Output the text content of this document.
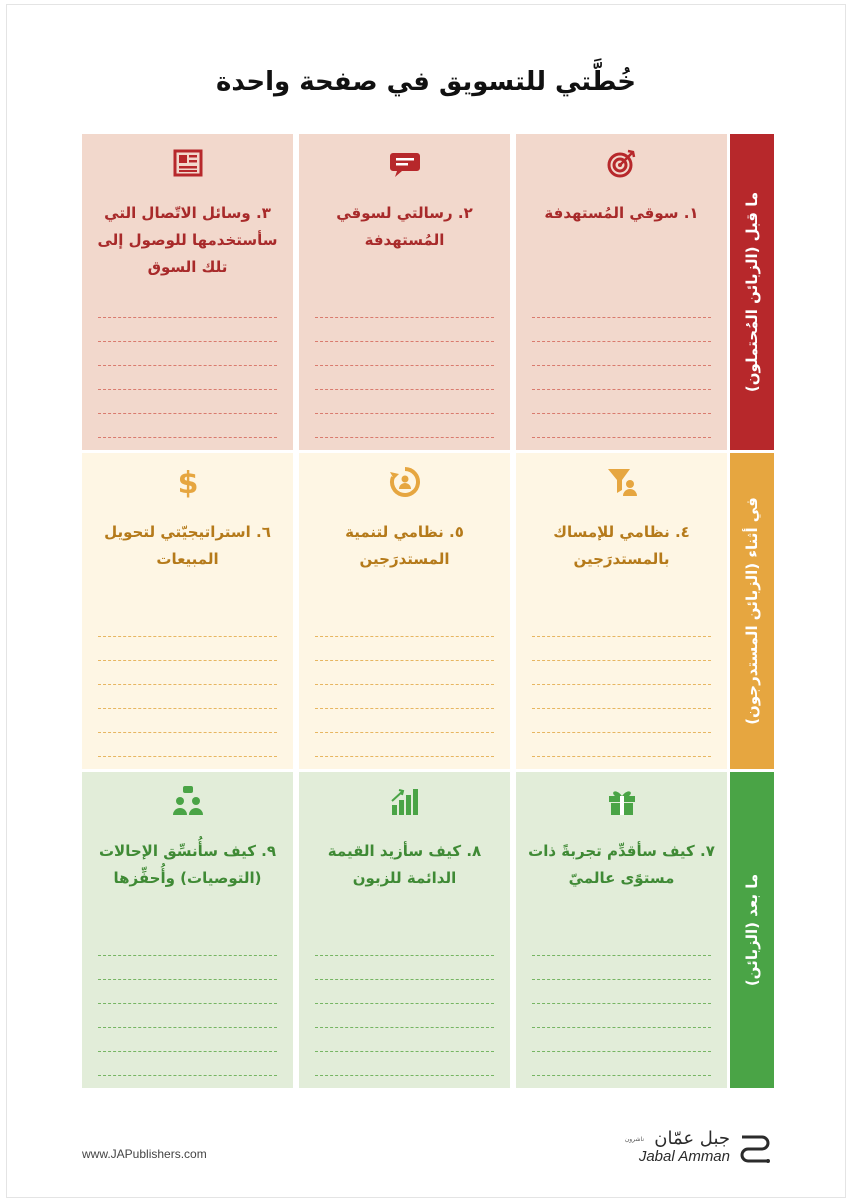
خُطَّتي للتسويق في صفحة واحدة
١. سوقي المُستهدفة
٢. رسالتي لسوقي المُستهدفة
٣. وسائل الاتّصال التي سأستخدمها للوصول إلى تلك السوق
٤. نظامي للإمساك بالمستدرَجين
٥. نظامي لتنمية المستدرَجين
$
٦. استراتيجيّتي لتحويل المبيعات
٧. كيف سأقدِّم تجربةً ذات مستوًى عالميّ
٨. كيف سأزيد القيمة الدائمة للزبون
٩. كيف سأُنسِّق الإحالات (التوصيات) وأُحفِّزها
ما قبل (الزبائن المُحتملون)
في أثناء (الزبائن المستدرجون)
ما بعد (الزبائن)
www.JAPublishers.com
ناشرون جبل عمّان
Jabal Amman
